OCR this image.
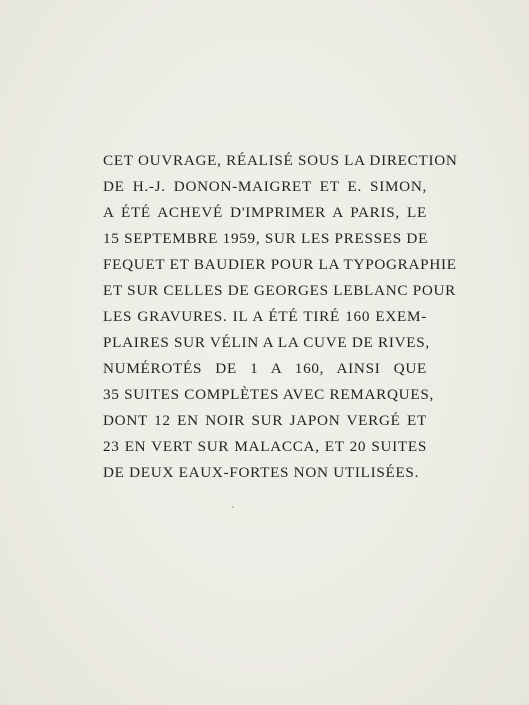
CET OUVRAGE, RÉALISÉ SOUS LA DIRECTION
DE H.-J. DONON-MAIGRET ET E. SIMON,
A ÉTÉ ACHEVÉ D'IMPRIMER A PARIS, LE
15 SEPTEMBRE 1959, SUR LES PRESSES DE
FEQUET ET BAUDIER POUR LA TYPOGRAPHIE
ET SUR CELLES DE GEORGES LEBLANC POUR
LES GRAVURES. IL A ÉTÉ TIRÉ 160 EXEM-
PLAIRES SUR VÉLIN A LA CUVE DE RIVES,
NUMÉROTÉS DE 1 A 160, AINSI QUE
35 SUITES COMPLÈTES AVEC REMARQUES,
DONT 12 EN NOIR SUR JAPON VERGÉ ET
23 EN VERT SUR MALACCA, ET 20 SUITES
DE DEUX EAUX-FORTES NON UTILISÉES.
